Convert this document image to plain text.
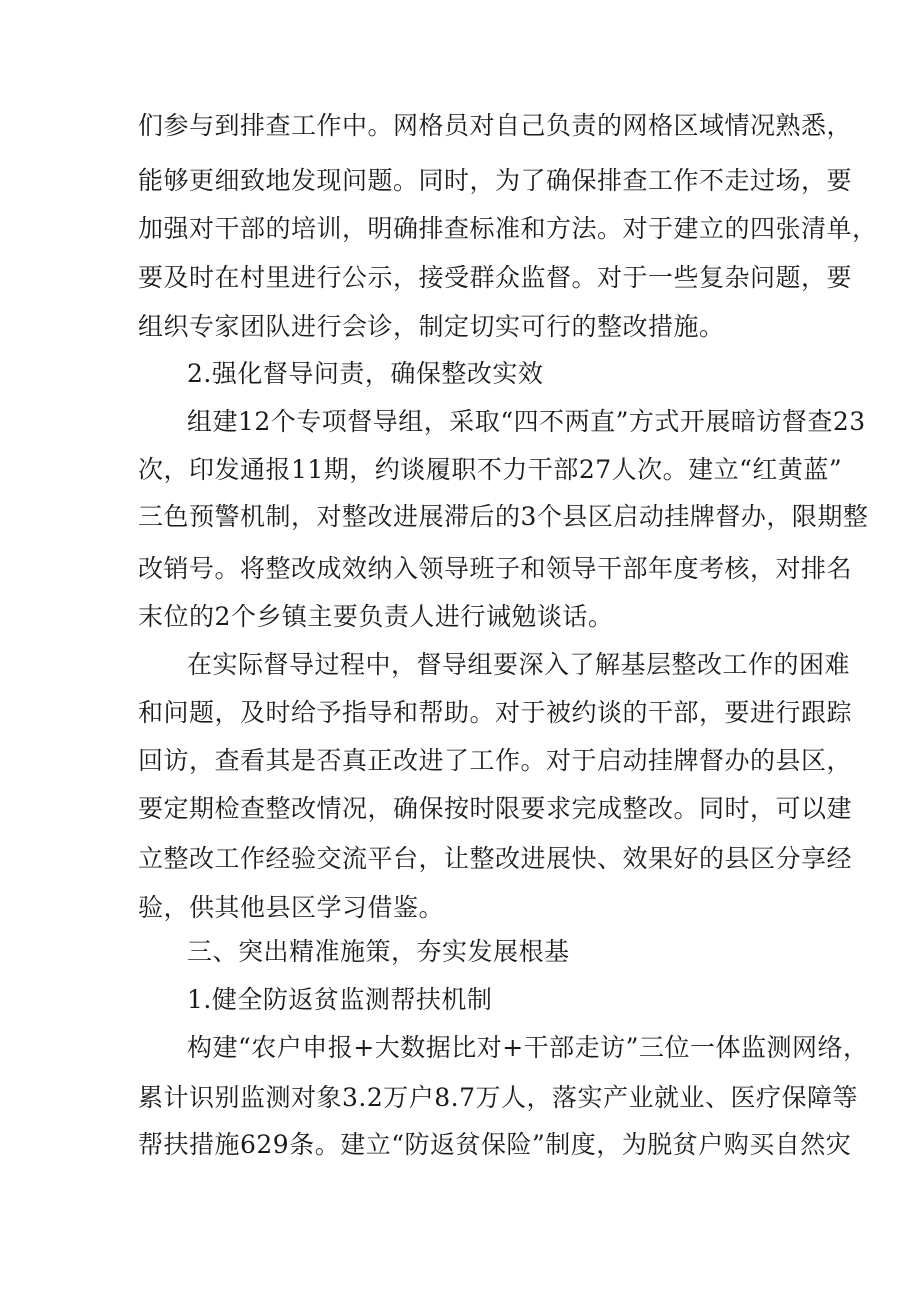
们参与到排查工作中。网格员对自己负责的网格区域情况熟悉，

能够更细致地发现问题。同时，为了确保排查工作不走过场，要

加强对干部的培训，明确排查标准和方法。对于建立的四张清单，

要及时在村里进行公示，接受群众监督。对于一些复杂问题，要

组织专家团队进行会诊，制定切实可行的整改措施。

2.强化督导问责，确保整改实效

组建12个专项督导组，采取“四不两直”方式开展暗访督查23

次，印发通报11期，约谈履职不力干部27人次。建立“红黄蓝”

三色预警机制，对整改进展滞后的3个县区启动挂牌督办，限期整

改销号。将整改成效纳入领导班子和领导干部年度考核，对排名

末位的2个乡镇主要负责人进行诫勉谈话。

在实际督导过程中，督导组要深入了解基层整改工作的困难

和问题，及时给予指导和帮助。对于被约谈的干部，要进行跟踪

回访，查看其是否真正改进了工作。对于启动挂牌督办的县区，

要定期检查整改情况，确保按时限要求完成整改。同时，可以建

立整改工作经验交流平台，让整改进展快、效果好的县区分享经

验，供其他县区学习借鉴。

三、突出精准施策，夯实发展根基

1.健全防返贫监测帮扶机制

构建“农户申报+大数据比对+干部走访”三位一体监测网络，

累计识别监测对象3.2万户8.7万人，落实产业就业、医疗保障等

帮扶措施629条。建立“防返贫保险”制度，为脱贫户购买自然灾
